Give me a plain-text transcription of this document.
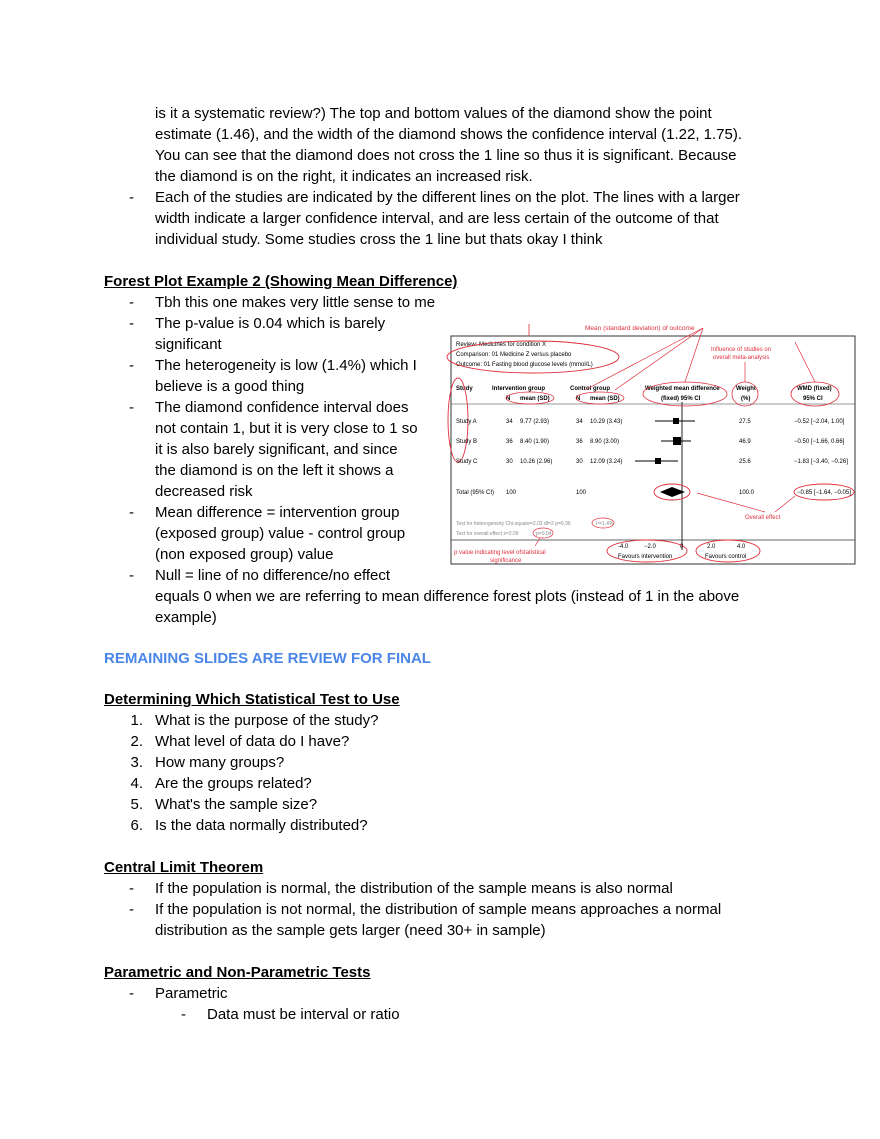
is it a systematic review?) The top and bottom values of the diamond show the point
estimate (1.46), and the width of the diamond shows the confidence interval (1.22, 1.75).
You can see that the diamond does not cross the 1 line so thus it is significant. Because
the diamond is on the right, it indicates an increased risk.
- Each of the studies are indicated by the different lines on the plot. The lines with a larger
width indicate a larger confidence interval, and are less certain of the outcome of that
individual study. Some studies cross the 1 line but thats okay I think
Forest Plot Example 2 (Showing Mean Difference)
- Tbh this one makes very little sense to me
- The p-value is 0.04 which is barely
significant
- The heterogeneity is low (1.4%) which I
believe is a good thing
- The diamond confidence interval does
not contain 1, but it is very close to 1 so
it is also barely significant, and since
the diamond is on the left it shows a
decreased risk
- Mean difference = intervention group
(exposed group) value - control group
(non exposed group) value
- Null = line of no difference/no effect
equals 0 when we are referring to mean difference forest plots (instead of 1 in the above
example)
Mean (standard deviation) of outcome
Influence of studies on
overall meta-analysis
Review: Medicines for condition X
Comparison: 01 Medicine Z versus placebo
Outcome: 01 Fasting blood glucose levels (mmol/L)
Study	Intervention group
N mean (SD)
Control group
N mean (SD)
Weighted mean difference
(fixed) 95% CI
Weight
(%)
WMD (fixed)
95% CI
Study A	34 9.77 (2.93)	34 10.29 (3.43)	27.5	−0.52 [−2.04, 1.00]
Study B	36 8.40 (1.90)	36 8.90 (3.00)	46.9	−0.50 [−1.66, 0.66]
Study C	30 10.26 (2.96)	30 12.09 (3.24)	25.6	−1.83 [−3.40, −0.26]
Total (95% CI) 100	100	100.0	−0.85 [−1.64, −0.05]
Overall effect
Test for heterogeneity Chi-square=2.03 df=2 p=0.36	I²=1.4%
Test for overall effect z=2.09	p=0.04
-4.0	−2.0	0	2.0	4.0
Favours intervention	Favours control
p value indicating level ofstatistical
significance
REMAINING SLIDES ARE REVIEW FOR FINAL
Determining Which Statistical Test to Use
1. What is the purpose of the study?
2. What level of data do I have?
3. How many groups?
4. Are the groups related?
5. What's the sample size?
6. Is the data normally distributed?
Central Limit Theorem
- If the population is normal, the distribution of the sample means is also normal
- If the population is not normal, the distribution of sample means approaches a normal
distribution as the sample gets larger (need 30+ in sample)
Parametric and Non-Parametric Tests
- Parametric
- Data must be interval or ratio
